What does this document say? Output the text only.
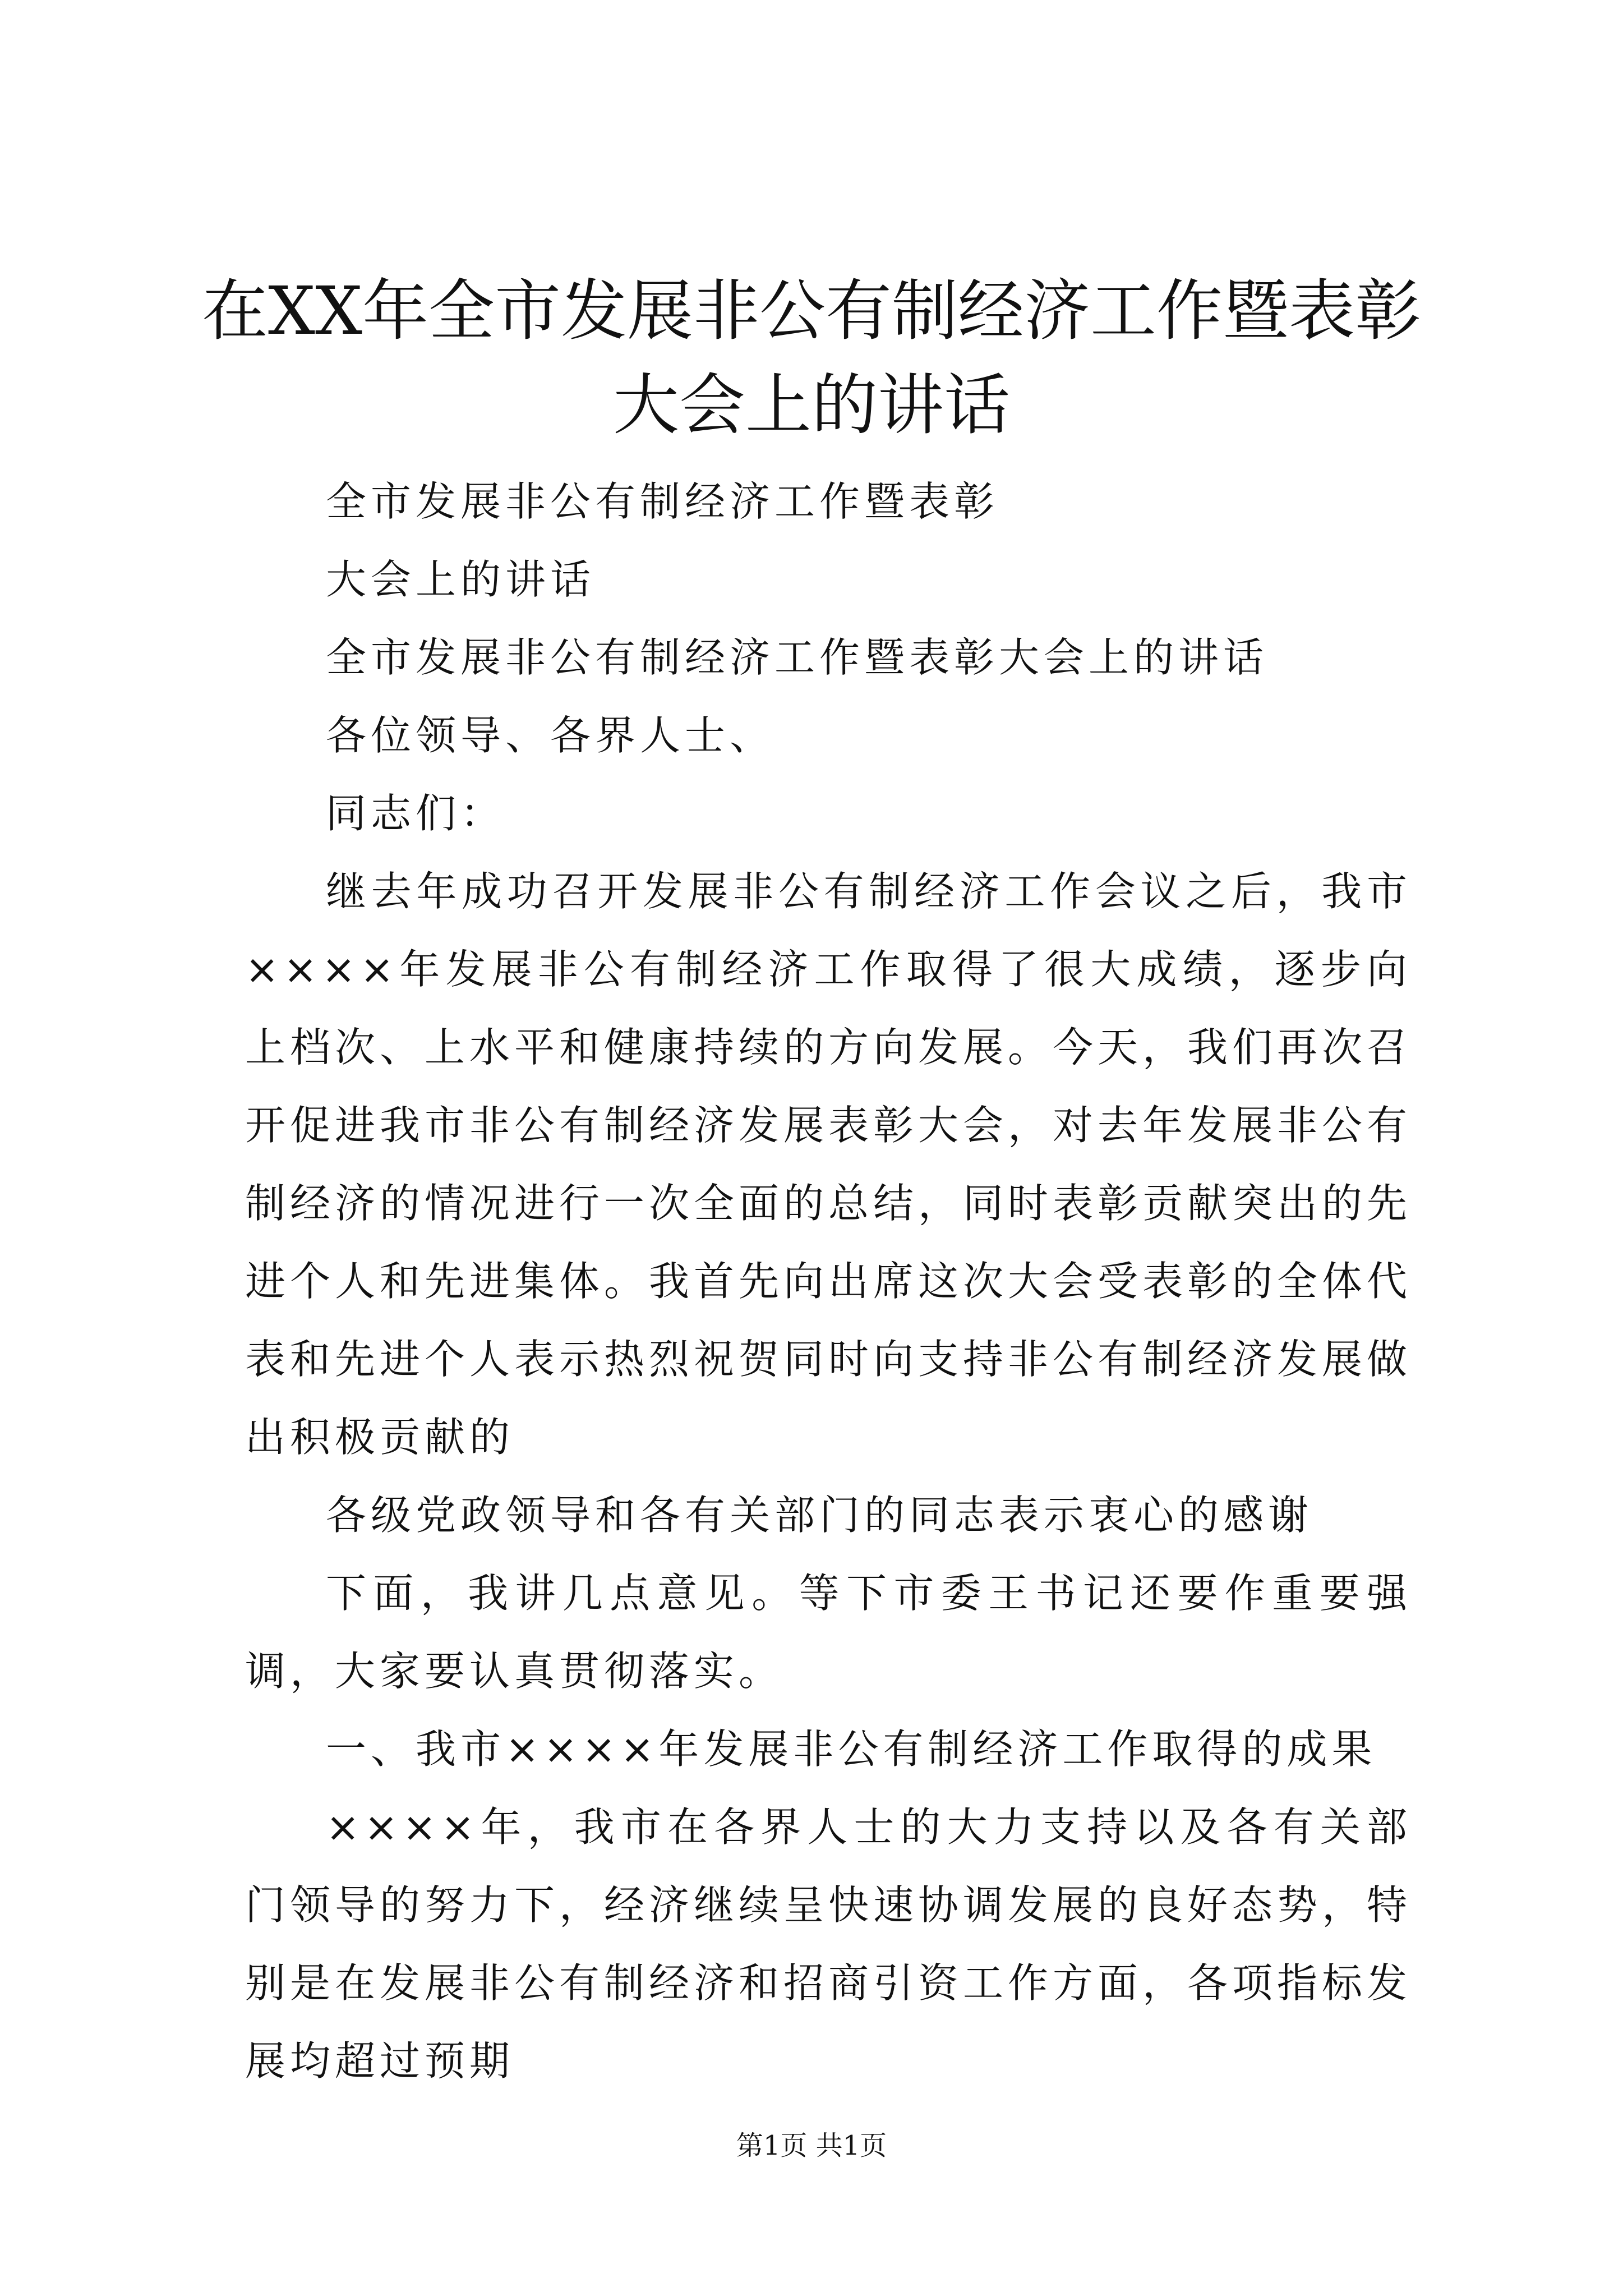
在XX年全市发展非公有制经济工作暨表彰大会上的讲话

全市发展非公有制经济工作暨表彰

大会上的讲话

全市发展非公有制经济工作暨表彰大会上的讲话

各位领导、各界人士、

同志们：

继去年成功召开发展非公有制经济工作会议之后，我市××××年发展非公有制经济工作取得了很大成绩，逐步向上档次、上水平和健康持续的方向发展。今天，我们再次召开促进我市非公有制经济发展表彰大会，对去年发展非公有制经济的情况进行一次全面的总结，同时表彰贡献突出的先进个人和先进集体。我首先向出席这次大会受表彰的全体代表和先进个人表示热烈祝贺同时向支持非公有制经济发展做出积极贡献的

各级党政领导和各有关部门的同志表示衷心的感谢

下面，我讲几点意见。等下市委王书记还要作重要强调，大家要认真贯彻落实。

一、我市××××年发展非公有制经济工作取得的成果

××××年，我市在各界人士的大力支持以及各有关部门领导的努力下，经济继续呈快速协调发展的良好态势，特别是在发展非公有制经济和招商引资工作方面，各项指标发展均超过预期

第1页 共1页
